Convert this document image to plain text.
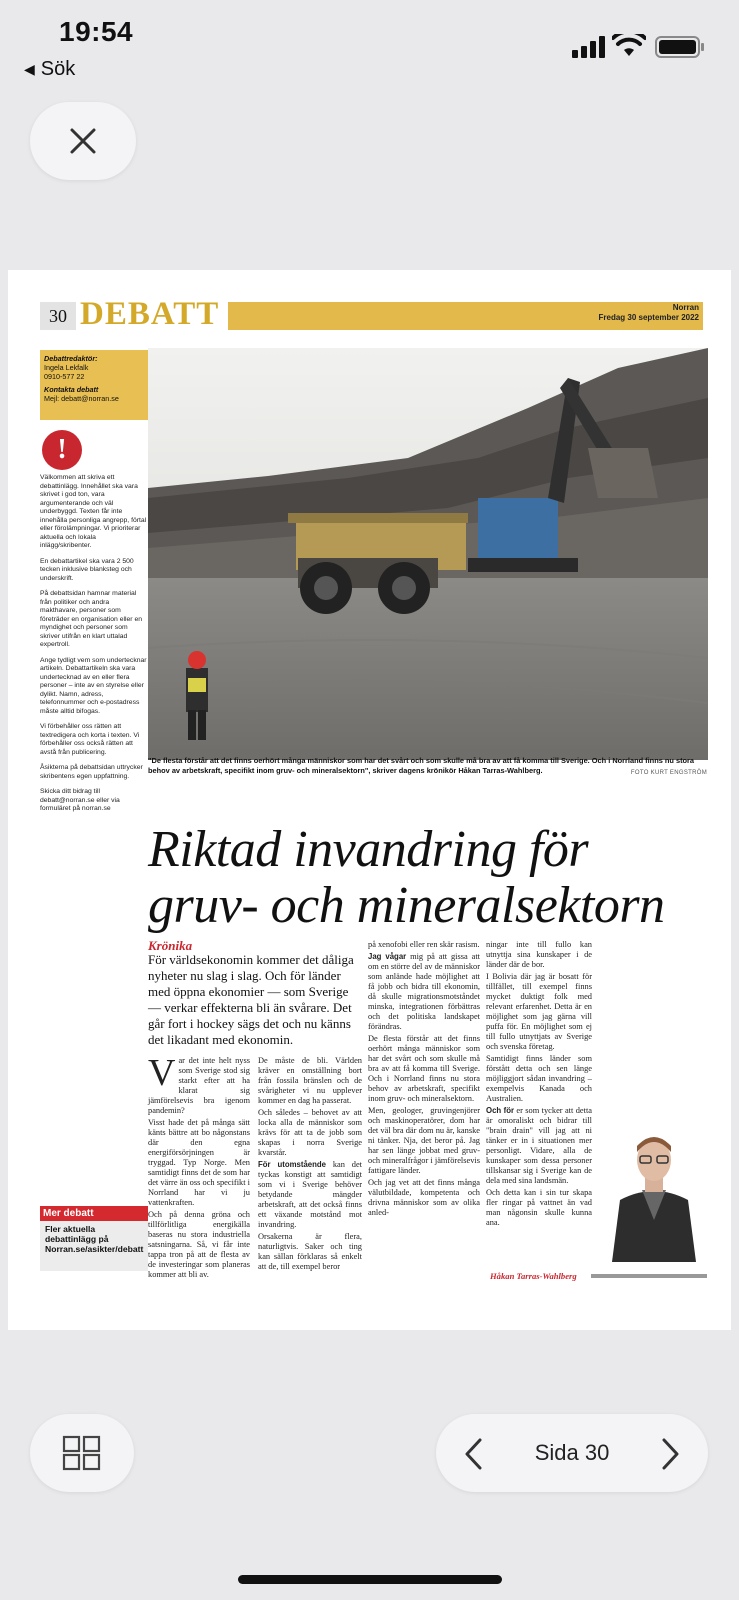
19:54
◀ Sök
30 DEBATT	Norran
Fredag 30 september 2022
Debattredaktör:
Ingela Lekfalk
0910-577 22
Kontakta debatt
Mejl: debatt@norran.se
!

Välkommen att skriva ett debattinlägg. Innehållet ska vara skrivet i god ton, vara argumenterande och väl underbyggd. Texten får inte innehålla personliga angrepp, förtal eller förolämpningar. Vi prioriterar aktuella och lokala inlägg/skribenter.

En debattartikel ska vara 2 500 tecken inklusive blanksteg och underskrift.

På debattsidan hamnar material från politiker och andra makthavare, personer som företräder en organisation eller en myndighet och personer som skriver utifrån en klart uttalad expertroll.

Ange tydligt vem som undertecknar artikeln. Debattartikeln ska vara undertecknad av en eller flera personer – inte av en styrelse eller dylikt. Namn, adress, telefonnummer och e-postadress måste alltid bifogas.

Vi förbehåller oss rätten att textredigera och korta i texten. Vi förbehåller oss också rätten att avstå från publicering.

Åsikterna på debattsidan uttrycker skribentens egen uppfattning.

Skicka ditt bidrag till debatt@norran.se eller via formuläret på norran.se

Mer debatt
Fler aktuella debattinlägg på Norran.se/asikter/debatt
"De flesta förstår att det finns oerhört många människor som har det svårt och som skulle må bra av att få komma till Sverige. Och i Norrland finns nu stora behov av arbetskraft, specifikt inom gruv- och mineralsektorn", skriver dagens krönikör Håkan Tarras-Wahlberg.	FOTO KURT ENGSTRÖM
Riktad invandring för gruv- och mineralsektorn
Krönika
För världsekonomin kommer det dåliga nyheter nu slag i slag. Och för länder med öppna ekonomier — som Sverige — verkar effekterna bli än svårare. Det går fort i hockey sägs det och nu känns det likadant med ekonomin.

Var det inte helt nyss som Sverige stod sig starkt efter att ha klarat sig jämförelsevis bra igenom pandemin?

Visst hade det på många sätt känts bättre att bo någonstans där den egna energiförsörjningen är tryggad. Typ Norge. Men samtidigt finns det de som har det värre än oss och specifikt i Norrland har vi ju vattenkraften.

Och på denna gröna och tillförlitliga energikälla baseras nu stora industriella satsningarna. Så, vi får inte tappa tron på att de flesta av de investeringar som planeras kommer att bli av.

De måste de bli. Världen kräver en omställning bort från fossila bränslen och de svårigheter vi nu upplever kommer en dag ha passerat.

Och således – behovet av att locka alla de människor som krävs för att ta de jobb som skapas i norra Sverige kvarstår.

För utomstående kan det tyckas konstigt att samtidigt som vi i Sverige behöver betydande mängder arbetskraft, att det också finns ett växande motstånd mot invandring.

Orsakerna är flera, naturligtvis. Saker och ting kan sällan förklaras så enkelt att de, till exempel beror

på xenofobi eller ren skär rasism.

Jag vågar mig på att gissa att om en större del av de människor som anlände hade möjlighet att få jobb och bidra till ekonomin, då skulle migrationsmotståndet minska, integrationen förbättras och det politiska landskapet förändras.

De flesta förstår att det finns oerhört många människor som har det svårt och som skulle må bra av att få komma till Sverige. Och i Norrland finns nu stora behov av arbetskraft, specifikt inom gruv- och mineralsektorn.

Men, geologer, gruvingenjörer och maskinoperatörer, dom har det väl bra där dom nu är, kanske ni tänker. Nja, det beror på. Jag har sen länge jobbat med gruv- och mineralfrågor i jämförelsevis fattigare länder.

Och jag vet att det finns många välutbildade, kompetenta och drivna människor som av olika anled-

ningar inte till fullo kan utnyttja sina kunskaper i de länder där de bor.

I Bolivia där jag är bosatt för tillfället, till exempel finns mycket duktigt folk med relevant erfarenhet. Detta är en möjlighet som jag gärna vill puffa för. En möjlighet som ej till fullo utnyttjats av Sverige och svenska företag.

Samtidigt finns länder som förstått detta och sen länge möjliggjort sådan invandring – exempelvis Kanada och Australien.

Och för er som tycker att detta är omoraliskt och bidrar till "brain drain" vill jag att ni tänker er in i situationen mer personligt. Vidare, alla de kunskaper som dessa personer tillskansar sig i Sverige kan de dela med sina landsmän.

Och detta kan i sin tur skapa fler ringar på vattnet än vad man någonsin skulle kunna ana.

Håkan Tarras-Wahlberg
Sida 30
